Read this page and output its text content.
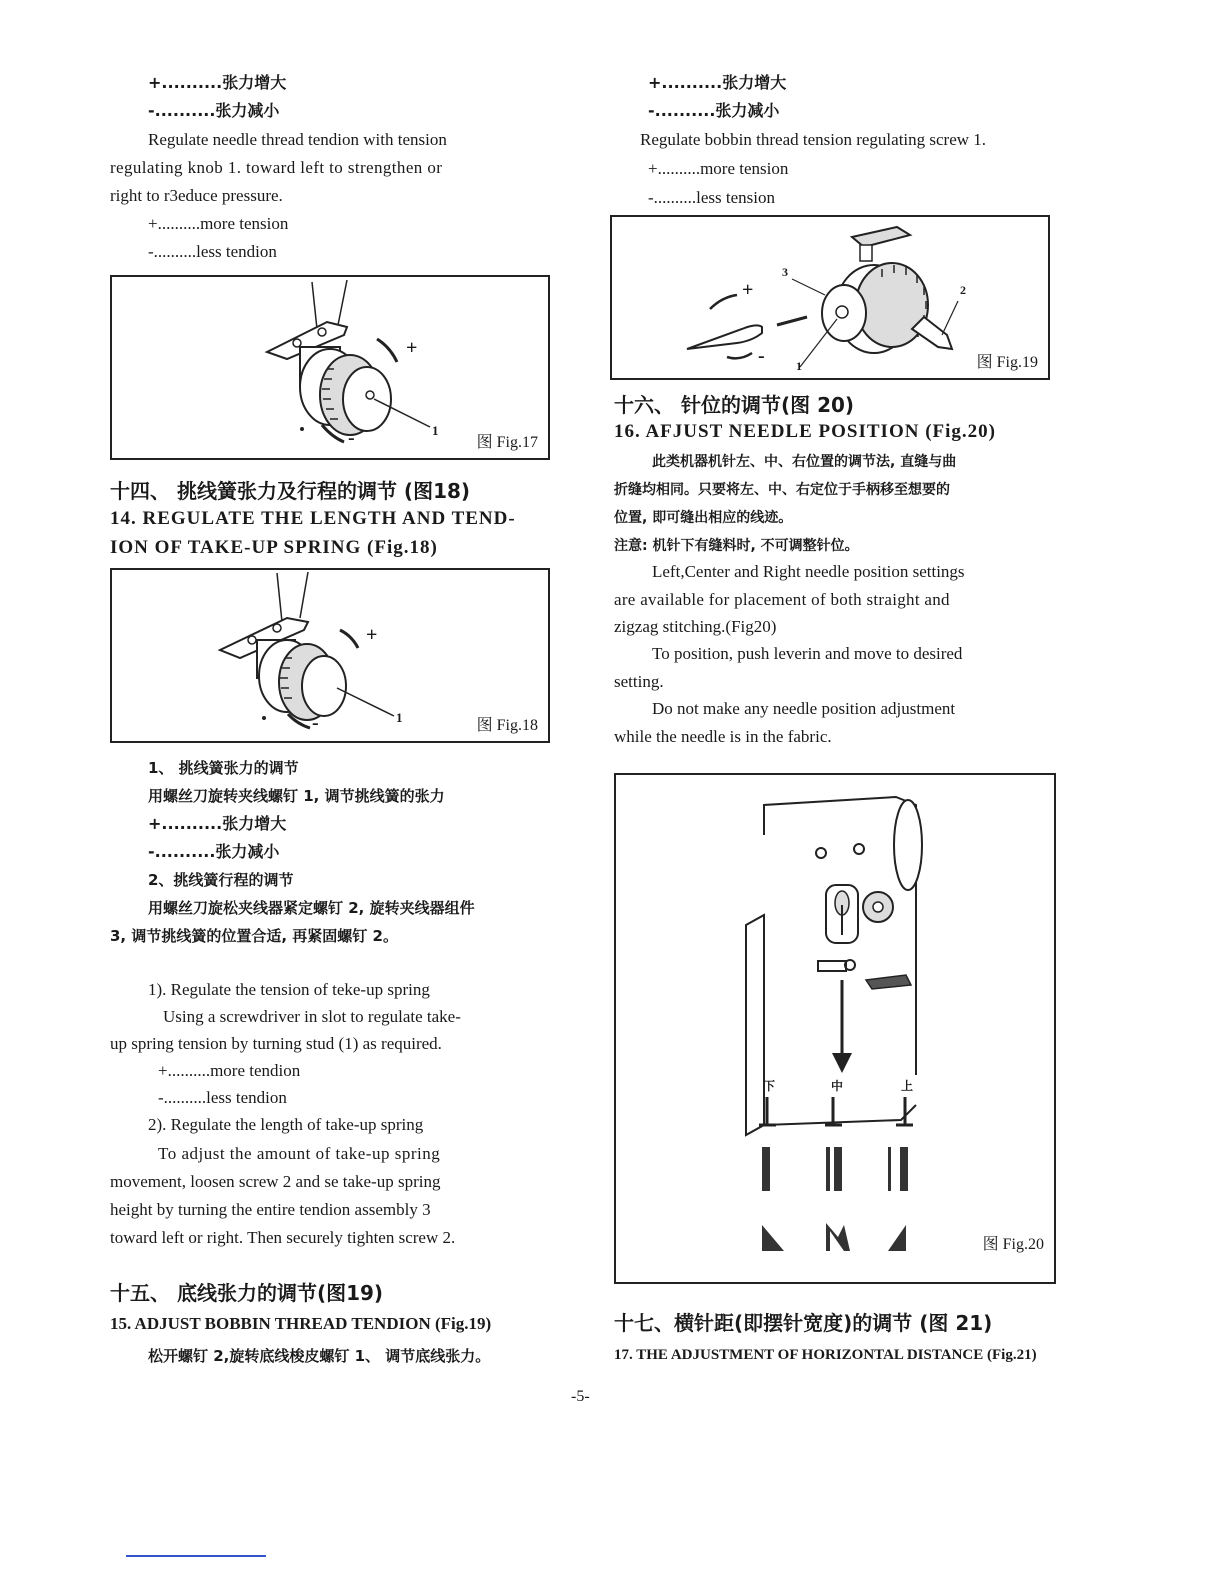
+..........张力增大
-..........张力减小
Regulate needle thread tendion with tension
regulating knob 1. toward left to strengthen or
right to r3educe pressure.
+..........more tension
-..........less tendion
+
-	1
图 Fig.17
十四、 挑线簧张力及行程的调节 (图18)
14. REGULATE THE LENGTH AND TEND-
ION OF TAKE-UP SPRING (Fig.18)
+
-	1	图 Fig.18
1、 挑线簧张力的调节
用螺丝刀旋转夹线螺钉 1, 调节挑线簧的张力
+..........张力增大
-..........张力减小
2、挑线簧行程的调节
用螺丝刀旋松夹线器紧定螺钉 2, 旋转夹线器组件
3, 调节挑线簧的位置合适, 再紧固螺钉 2。
1). Regulate the tension of teke-up spring
Using a screwdriver in slot to regulate take-
up spring tension by turning stud (1) as required.
+..........more tendion
-..........less tendion
2). Regulate the length of take-up spring
To adjust the amount of take-up spring
movement, loosen screw 2 and se take-up spring
height by turning the entire tendion assembly 3
toward left or right. Then securely tighten screw 2.
十五、 底线张力的调节(图19)
15. ADJUST BOBBIN THREAD TENDION (Fig.19)
松开螺钉 2,旋转底线梭皮螺钉 1、 调节底线张力。
+..........张力增大
-..........张力减小
Regulate bobbin thread tension regulating screw 1.
+..........more tension
-..........less tension
+
-
3
2
1	图 Fig.19
十六、 针位的调节(图 20)
16. AFJUST NEEDLE POSITION (Fig.20)
此类机器机针左、中、右位置的调节法, 直缝与曲
折缝均相同。只要将左、中、右定位于手柄移至想要的
位置, 即可缝出相应的线迹。
注意: 机针下有缝料时, 不可调整针位。
Left,Center and Right needle position settings
are available for placement of both straight and
zigzag stitching.(Fig20)
To position, push leverin and move to desired
setting.
Do not make any needle position adjustment
while the needle is in the fabric.
下	中	上
图 Fig.20
十七、横针距(即摆针宽度)的调节 (图 21)
17. THE ADJUSTMENT OF HORIZONTAL DISTANCE (Fig.21)
-5-
